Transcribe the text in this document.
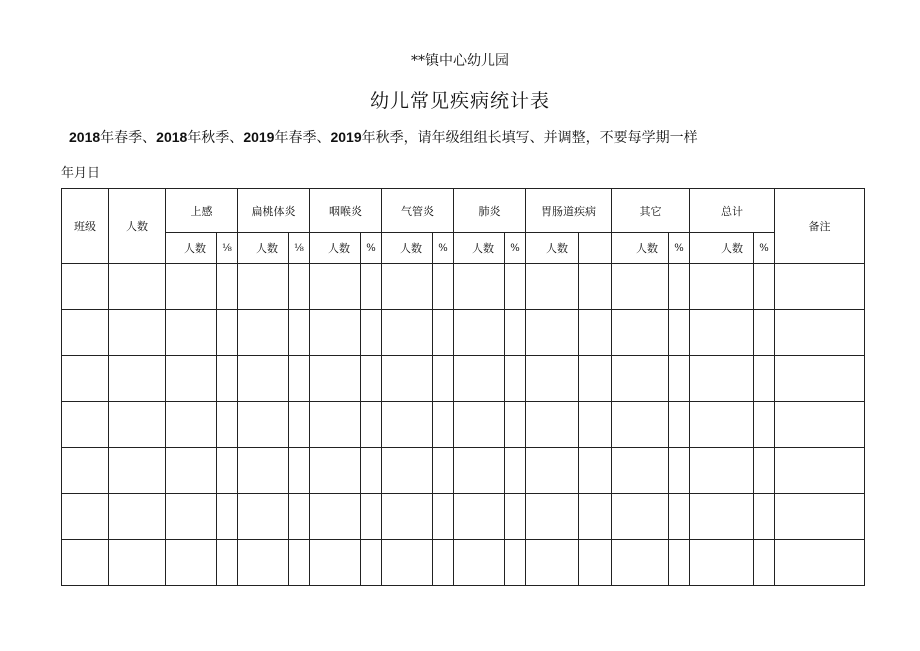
**镇中心幼儿园
幼儿常见疾病统计表
2018年春季、2018年秋季、2019年春季、2019年秋季，请年级组组长填写、并调整，不要每学期一样
年月日
班级	人数	上感		扁桃体炎		咽喉炎		气管炎		肺炎		胃肠道疾病		其它		总计		备注
		人数	⅛	人数	⅛	人数	%	人数	%	人数	%	人数		人数	%	人数	%	
